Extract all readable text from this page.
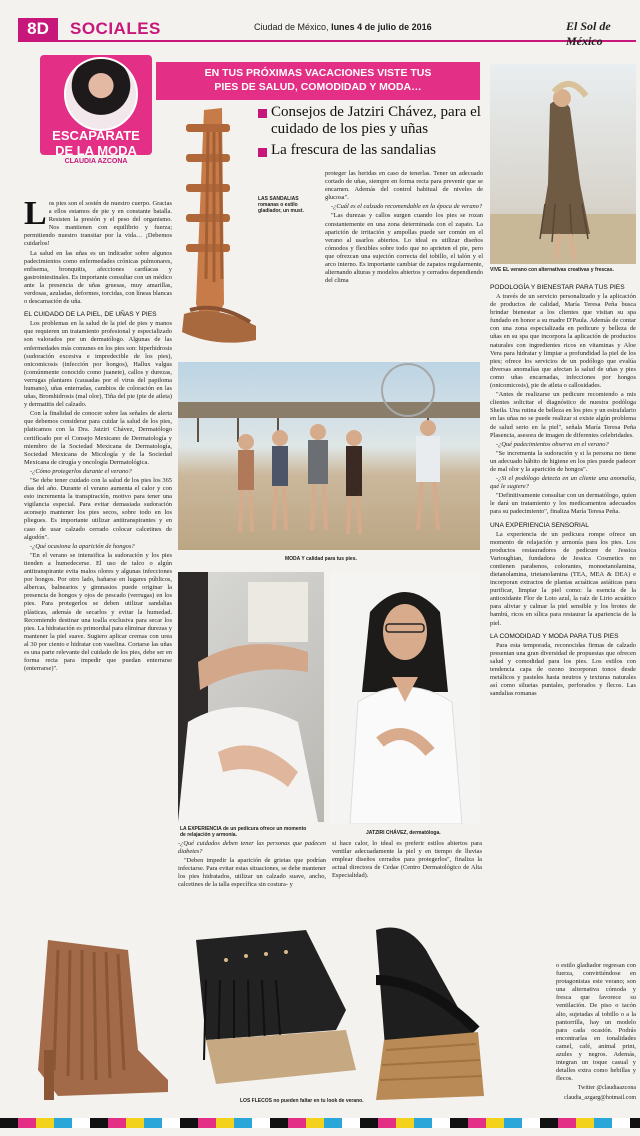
8D	SOCIALES	Ciudad de México, lunes 4 de julio de 2016	El Sol de México
ESCAPARATE
DE LA MODA
CLAUDIA AZCONA
EN TUS PRÓXIMAS VACACIONES VISTE TUS
PIES DE SALUD, COMODIDAD Y MODA…
Consejos de Jatziri Chávez, para el cuidado de los pies y uñas
La frescura de las sandalias
LAS SANDALIAS romanas o estilo gladiador, un must.
VIVE EL verano con alternativas creativas y frescas.

Los pies son el sostén de nuestro cuerpo. Gracias a ellos estamos de pie y en constante batalla. Resisten la presión y el peso del organismo. Nos mantienen con equilibrio y fuerza; permitiendo nuestro transitar por la vida… ¡Debemos cuidarlos!

La salud en las uñas es un indicador sobre algunos padecimientos como enfermedades crónicas pulmonares, enfisema, bronquitis, afecciones cardíacas y gastrointestinales. Es importante consultar con un médico ante la presencia de uñas gruesas, muy amarillas, verdosas, azuladas, deformes, torcidas, con líneas blancas o descamación de uña.

EL CUIDADO DE LA PIEL, DE UÑAS Y PIES

Los problemas en la salud de la piel de pies y manos que requieren un tratamiento profesional y especializado son valorados por un dermatólogo. Algunas de las enfermedades más comunes en los pies son: hiperhidrosis (sudoración excesiva e impredecible de los pies), onicomicosis (infección por hongos), Hallux valgus (comúnmente conocido como juanete), callos y durezas, verrugas plantares (causadas por el virus del papiloma humano), uñas enterradas, cambios de coloración en las uñas, Bromhidrosis (mal olor), Tiña del pie (pie de atleta) y dermatitis del calzado.

Con la finalidad de conocer sobre las señales de alerta que debemos considerar para cuidar la salud de los pies, platicamos con la Dra. Jatziri Chávez, Dermatólogo certificado por el Consejo Mexicano de Dermatología y miembro de la Sociedad Mexicana de Dermatología, Sociedad Mexicana de Micología y de la Sociedad Mexicana de cirugía y oncología Dermatológica.

-¿Cómo protegerlos durante el verano?

"Se debe tener cuidado con la salud de los pies los 365 días del año. Durante el verano aumenta el calor y con esto incrementa la transpiración, motivo para tener una vigilancia especial. Para evitar demasiada sudoración aconsejo mantener los pies secos, sobre todo en los pliegues. Es importante utilizar antitranspirantes y en caso de usar calzado cerrado colocar calcetines de algodón".

-¿Qué ocasiona la aparición de hongos?

"En el verano se intensifica la sudoración y los pies tienden a humedecerse. El uso de talco o algún antitranspirante evita malos olores y algunas infecciones por hongos. Por otro lado, bañarse en lugares públicos, albercas, balnearios y gimnasios puede originar la presencia de hongos y ojos de pescado (verrugas) en los pies. Para protegerlos se deben utilizar sandalias plásticas, además de secarlos y evitar la humedad. Recomiendo destinar una toalla exclusiva para secar los pies. La hidratación es primordial para eliminar durezas y mantener la piel suave. Sugiero aplicar cremas con urea al 30 por ciento e hidratar con vaselina. Cortarse las uñas es una parte relevante del cuidado de los pies, debe ser en forma recta para impedir que puedan enterrarse (enterrarse)".

proteger las heridas en caso de tenerlas. Tener un adecuado cortado de uñas, siempre en forma recta para prevenir que se encarnen. Además del control habitual de niveles de glucosa".

-¿Cuál es el calzado recomendable en la época de verano?

"Las durezas y callos surgen cuando los pies se rozan constantemente en una zona determinada con el zapato. La aparición de irritación y ampollas puede ser común en el verano al usarlos abiertos. Lo ideal es utilizar diseños cómodos y flexibles sobre todo que no aprieten el pie, pero que ofrezcan una sujeción correcta del tobillo, el talón y el arco interno. Es importante cambiar de zapatos regularmente, alternando alturas y modelos abiertos y cerrados dependiendo del clima

MODA Y calidad para tus pies.
LA EXPERIENCIA de un pedicura ofrece un momento de relajación y armonía.	JATZIRI CHÁVEZ, dermatóloga.

-¿Qué cuidados deben tener las personas que padecen diabetes?

"Deben impedir la aparición de grietas que podrían infectarse. Para evitar estas situaciones, se debe mantener los pies hidratados, utilizar un calzado suave, ancho, calcetines de la talla específica sin costura- y

si hace calor, lo ideal es preferir estilos abiertos para ventilar adecuadamente la piel y en tiempo de lluvias emplear diseños cerrados para protegerlos", finaliza la actual directora de Cedae (Centro Dermatológico de Alta Especialidad).

PODOLOGÍA Y BIENESTAR PARA TUS PIES

A través de un servicio personalizado y la aplicación de productos de calidad, María Teresa Peña busca brindar bienestar a los clientes que visitan su spa fundado en honor a su madre D'Paula. Además de contar con una zona especializada en pedicure y belleza de uñas en su spa que incorpora la aplicación de productos naturales con ingredientes ricos en vitaminas y Aloe Vera para hidratar y limpiar a profundidad la piel de los pies; ofrece los servicios de un podólogo que evalúa diversas anomalías que afectan la salud de uñas y pies como uñas encarnadas, infecciones por hongos (onicomicosis), pie de atleta o callosidades.

"Antes de realizarse un pedicure recomiendo a mis clientes solicitar el diagnóstico de nuestra podóloga Sheila. Una rutina de belleza en los pies y un estrafalario en las uñas no se puede realizar si existe algún problema de salud serio en la piel", señala María Teresa Peña Plasencia, asesora de imagen de diferentes celebridades.

-¿Qué padecimientos observa en el verano?

"Se incrementa la sudoración y si la persona no tiene un adecuado hábito de higiene en los pies puede padecer de mal olor y la aparición de hongos".

-¿Si el podólogo detecta en un cliente una anomalía, qué le sugiere?

"Definitivamente consultar con un dermatólogo, quien le dará un tratamiento y los medicamentos adecuados para su padecimiento", finaliza María Teresa Peña.

UNA EXPERIENCIA SENSORIAL

La experiencia de un pedicura rompe ofrece un momento de relajación y armonía para los pies. Los productos restauradores de pedicure de Jessica Vartoughian, fundadora de Jessica Cosmetics no contienen parabenos, colorantes, monoetanolamina, dietanolamina, trietanolamina (TEA, MEA & DEA) e incorporan extractos de plantas acuáticas asiáticas para purificar, limpiar la piel como: la esencia de la antioxidante Flor de Loto azul, la raíz de Lirio acuático para aliviar y calmar la piel sensible y los brotes de bambú, ricos en sílica para restaurar la apariencia de la piel.

LA COMODIDAD Y MODA PARA TUS PIES

Para esta temporada, reconocidas firmas de calzado presentan una gran diversidad de propuestas que ofrecen salud y comodidad para los pies. Los estilos con tendencia capa de ozono incorporan tonos desde metálicos y pasteles hasta neutros y texturas naturales así como siluetas puntales, perforados y flecos. Las sandalias romanas

o estilo gladiador regresan con fuerza, convirtiéndose en protagonistas este verano; son una alternativa cómoda y fresca que favorece su ventilación. De piso o tacón alto, sujetadas al tobillo o a la pantorrilla, hay un modelo para cada ocasión. Podrás encontrarlas en tonalidades camel, café, animal print, azules y negros. Además, integran un toque casual y detalles extra como hebillas y flecos.

Twitter @claudiaazcona

claudia_azgarg@hotmail.com

LOS FLECOS no pueden faltar en tu look de verano.
